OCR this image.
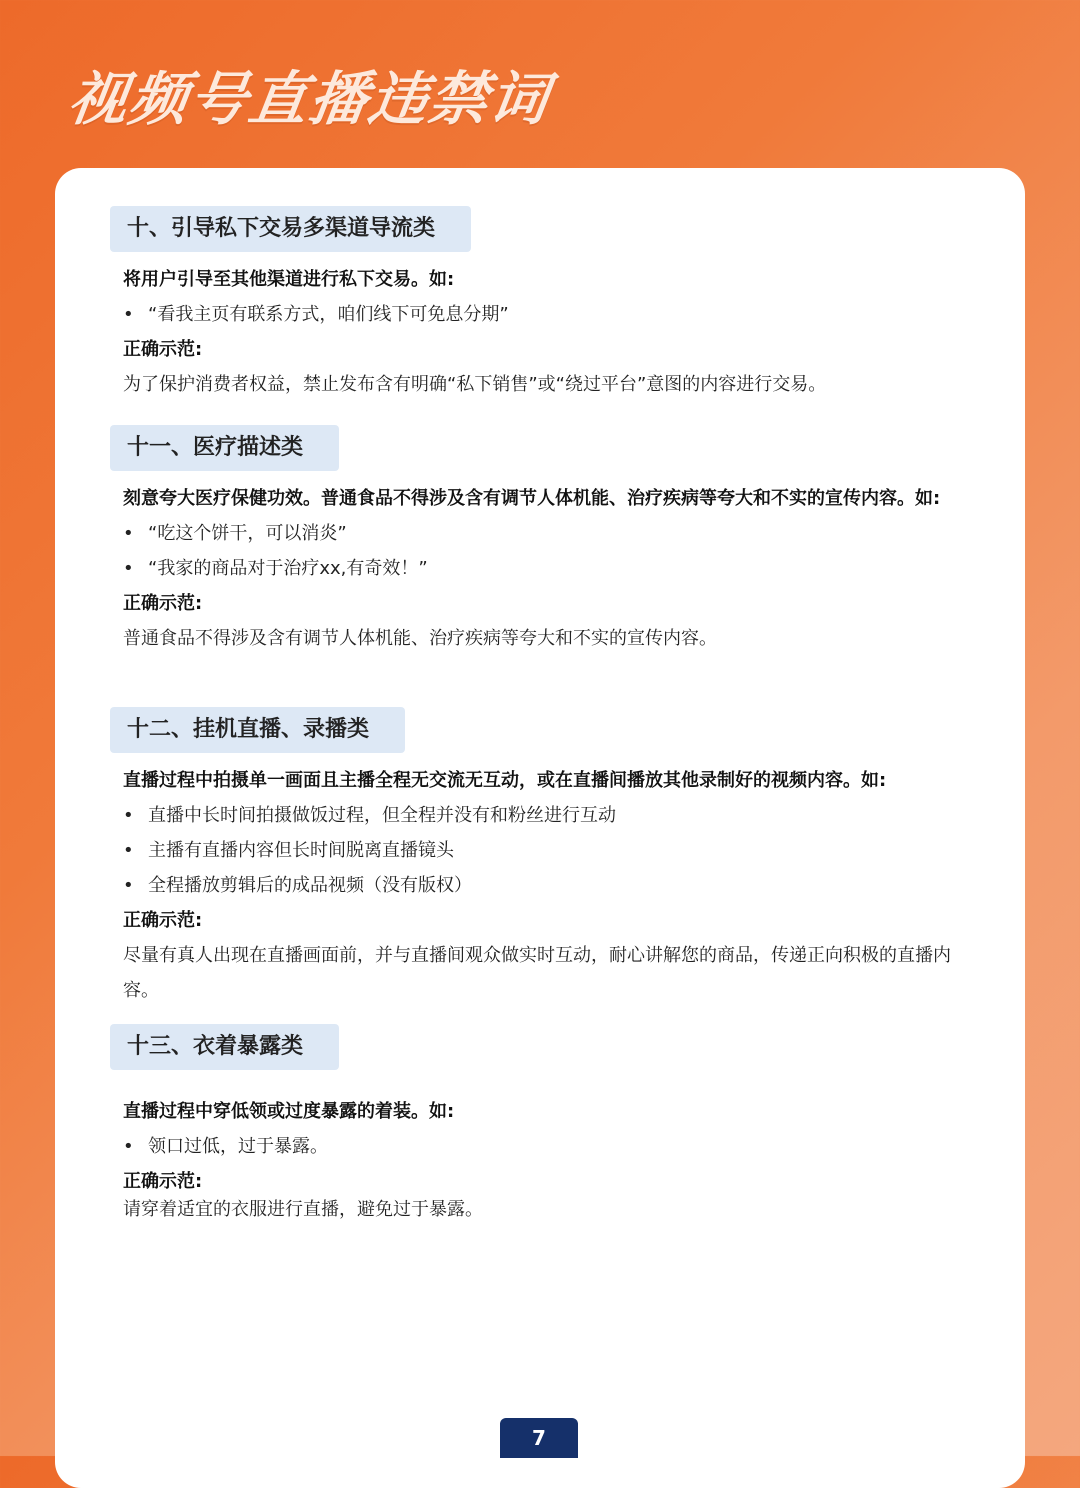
视频号直播违禁词
十、引导私下交易多渠道导流类
将用户引导至其他渠道进行私下交易。如:
• “看我主页有联系方式，咱们线下可免息分期”
正确示范:
为了保护消费者权益，禁止发布含有明确“私下销售”或“绕过平台”意图的内容进行交易。
十一、医疗描述类
刻意夸大医疗保健功效。普通食品不得涉及含有调节人体机能、治疗疾病等夸大和不实的宣传内容。如:
• “吃这个饼干，可以消炎”
• “我家的商品对于治疗xx,有奇效！”
正确示范:
普通食品不得涉及含有调节人体机能、治疗疾病等夸大和不实的宣传内容。
十二、挂机直播、录播类
直播过程中拍摄单一画面且主播全程无交流无互动，或在直播间播放其他录制好的视频内容。如:
• 直播中长时间拍摄做饭过程，但全程并没有和粉丝进行互动
• 主播有直播内容但长时间脱离直播镜头
• 全程播放剪辑后的成品视频（没有版权）
正确示范:
尽量有真人出现在直播画面前，并与直播间观众做实时互动，耐心讲解您的商品，传递正向积极的直播内容。
十三、衣着暴露类
直播过程中穿低领或过度暴露的着装。如:
• 领口过低，过于暴露。
正确示范:
请穿着适宜的衣服进行直播，避免过于暴露。
7
